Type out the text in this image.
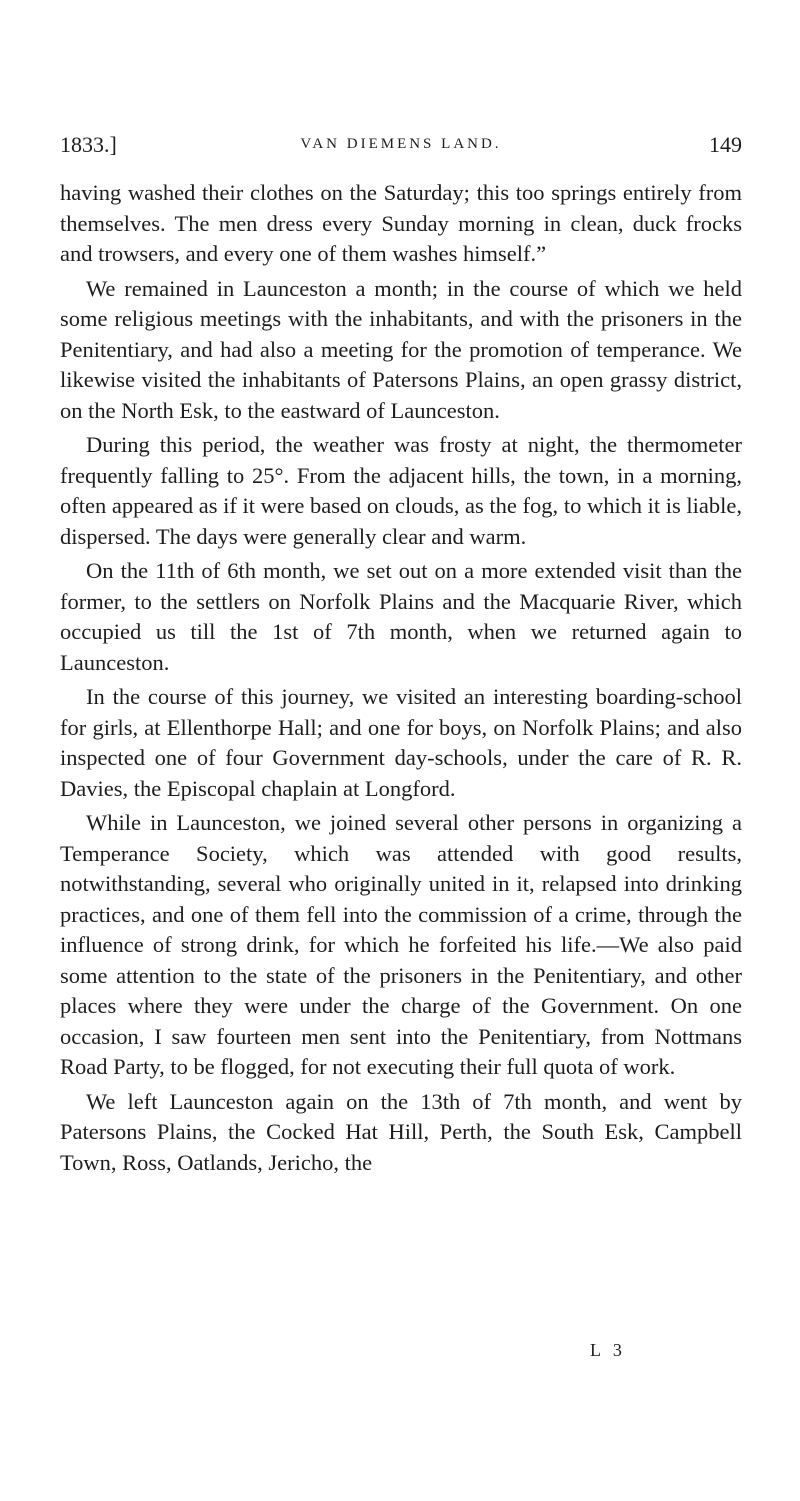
1833.]	VAN DIEMENS LAND.	149

having washed their clothes on the Saturday; this too springs entirely from themselves. The men dress every Sunday morning in clean, duck frocks and trowsers, and every one of them washes himself.”

We remained in Launceston a month; in the course of which we held some religious meetings with the inhabitants, and with the prisoners in the Penitentiary, and had also a meeting for the promotion of temperance. We likewise visited the inhabitants of Patersons Plains, an open grassy district, on the North Esk, to the eastward of Launceston.

During this period, the weather was frosty at night, the thermometer frequently falling to 25°. From the adjacent hills, the town, in a morning, often appeared as if it were based on clouds, as the fog, to which it is liable, dispersed. The days were generally clear and warm.

On the 11th of 6th month, we set out on a more extended visit than the former, to the settlers on Norfolk Plains and the Macquarie River, which occupied us till the 1st of 7th month, when we returned again to Launceston.

In the course of this journey, we visited an interesting boarding-school for girls, at Ellenthorpe Hall; and one for boys, on Norfolk Plains; and also inspected one of four Government day-schools, under the care of R. R. Davies, the Episcopal chaplain at Longford.

While in Launceston, we joined several other persons in organizing a Temperance Society, which was attended with good results, notwithstanding, several who originally united in it, relapsed into drinking practices, and one of them fell into the commission of a crime, through the influence of strong drink, for which he forfeited his life.—We also paid some attention to the state of the prisoners in the Penitentiary, and other places where they were under the charge of the Government. On one occasion, I saw fourteen men sent into the Penitentiary, from Nottmans Road Party, to be flogged, for not executing their full quota of work.

We left Launceston again on the 13th of 7th month, and went by Patersons Plains, the Cocked Hat Hill, Perth, the South Esk, Campbell Town, Ross, Oatlands, Jericho, the

L 3
